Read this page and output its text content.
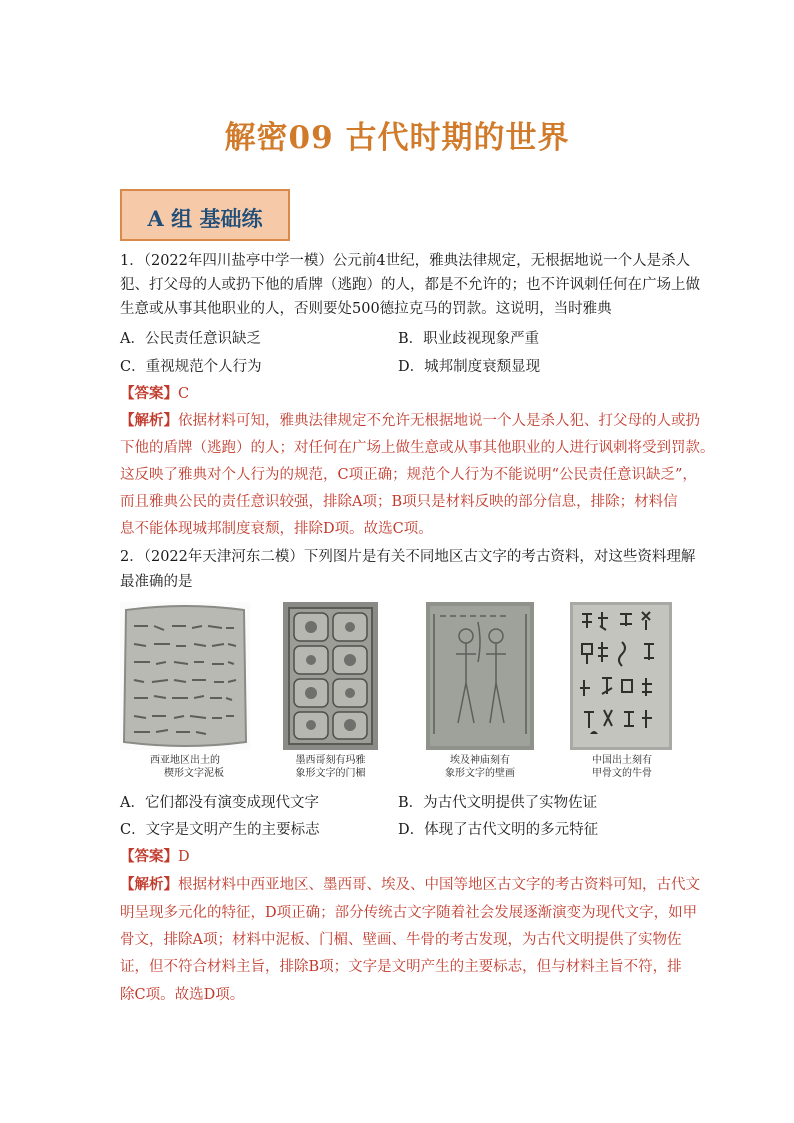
解密09 古代时期的世界
A 组 基础练
1．（2022年四川盐亭中学一模）公元前4世纪，雅典法律规定，无根据地说一个人是杀人
犯、打父母的人或扔下他的盾牌（逃跑）的人，都是不允许的；也不许讽刺任何在广场上做
生意或从事其他职业的人，否则要处500德拉克马的罚款。这说明，当时雅典
A．公民责任意识缺乏	B．职业歧视现象严重
C．重视规范个人行为	D．城邦制度衰颓显现
【答案】C
【解析】依据材料可知，雅典法律规定不允许无根据地说一个人是杀人犯、打父母的人或扔
下他的盾牌（逃跑）的人；对任何在广场上做生意或从事其他职业的人进行讽刺将受到罚款。
这反映了雅典对个人行为的规范，C项正确；规范个人行为不能说明“公民责任意识缺乏”，
而且雅典公民的责任意识较强，排除A项；B项只是材料反映的部分信息，排除；材料信
息不能体现城邦制度衰颓，排除D项。故选C项。
2．（2022年天津河东二模）下列图片是有关不同地区古文字的考古资料，对这些资料理解
最准确的是
西亚地区出土的
楔形文字泥板
墨西哥刻有玛雅
象形文字的门楣
埃及神庙刻有
象形文字的壁画
中国出土刻有
甲骨文的牛骨
A．它们都没有演变成现代文字	B．为古代文明提供了实物佐证
C．文字是文明产生的主要标志	D．体现了古代文明的多元特征
【答案】D
【解析】根据材料中西亚地区、墨西哥、埃及、中国等地区古文字的考古资料可知，古代文
明呈现多元化的特征，D项正确；部分传统古文字随着社会发展逐渐演变为现代文字，如甲
骨文，排除A项；材料中泥板、门楣、壁画、牛骨的考古发现，为古代文明提供了实物佐
证，但不符合材料主旨，排除B项；文字是文明产生的主要标志，但与材料主旨不符，排
除C项。故选D项。
